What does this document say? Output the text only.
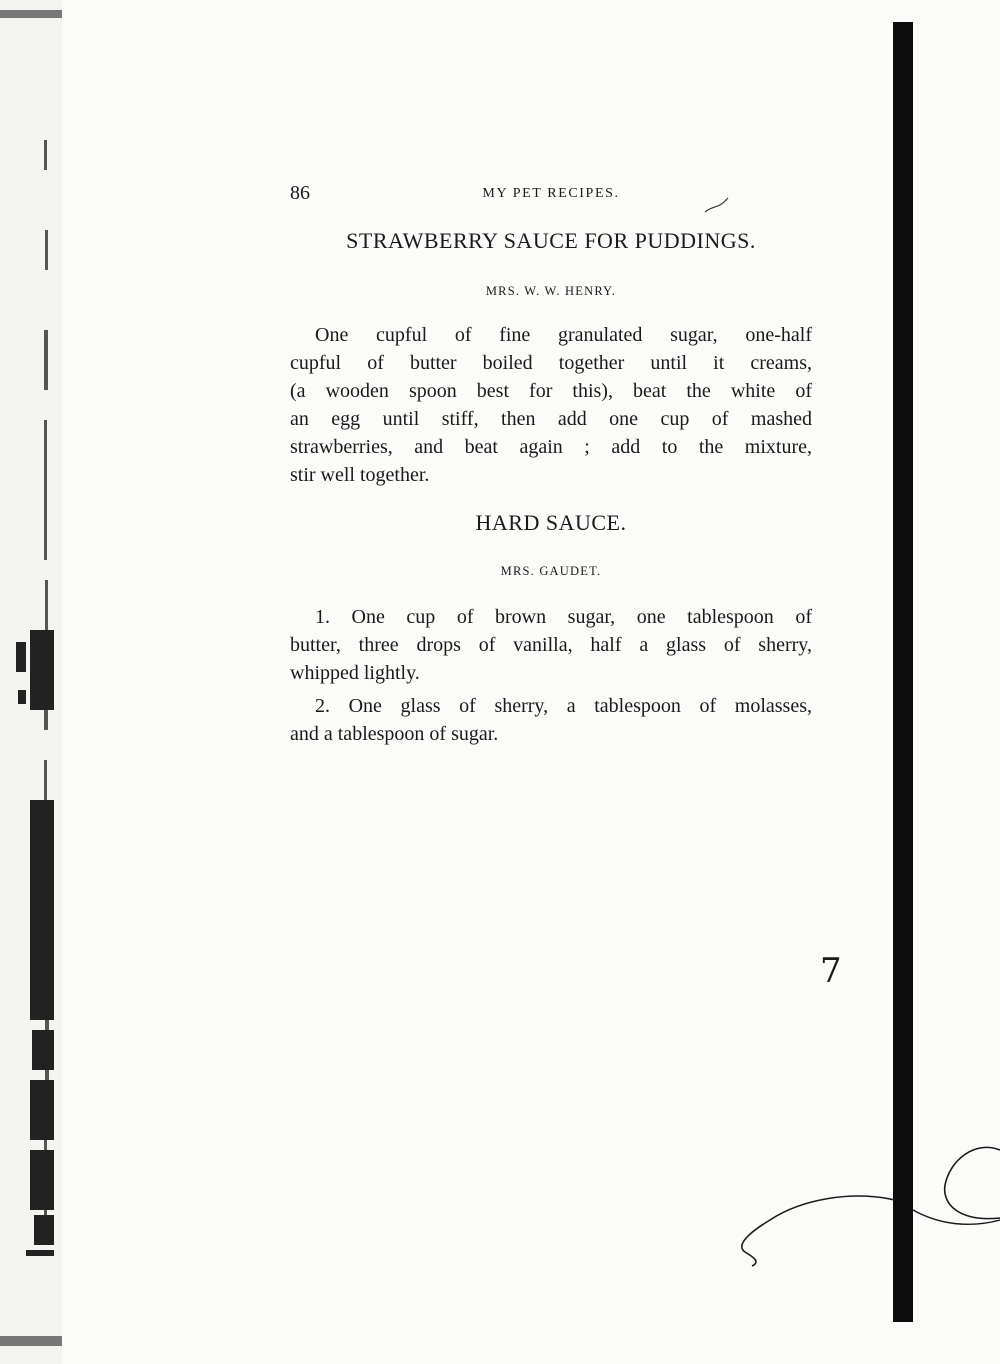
86	MY PET RECIPES.
STRAWBERRY SAUCE FOR PUDDINGS.
MRS. W. W. HENRY.

One cupful of fine granulated sugar, one-half
cupful of butter boiled together until it creams,
(a wooden spoon best for this), beat the white of
an egg until stiff, then add one cup of mashed
strawberries, and beat again ; add to the mixture,
stir well together.

HARD SAUCE.
MRS. GAUDET.

1. One cup of brown sugar, one tablespoon of
butter, three drops of vanilla, half a glass of sherry,
whipped lightly.

2. One glass of sherry, a tablespoon of molasses,
and a tablespoon of sugar.

7
